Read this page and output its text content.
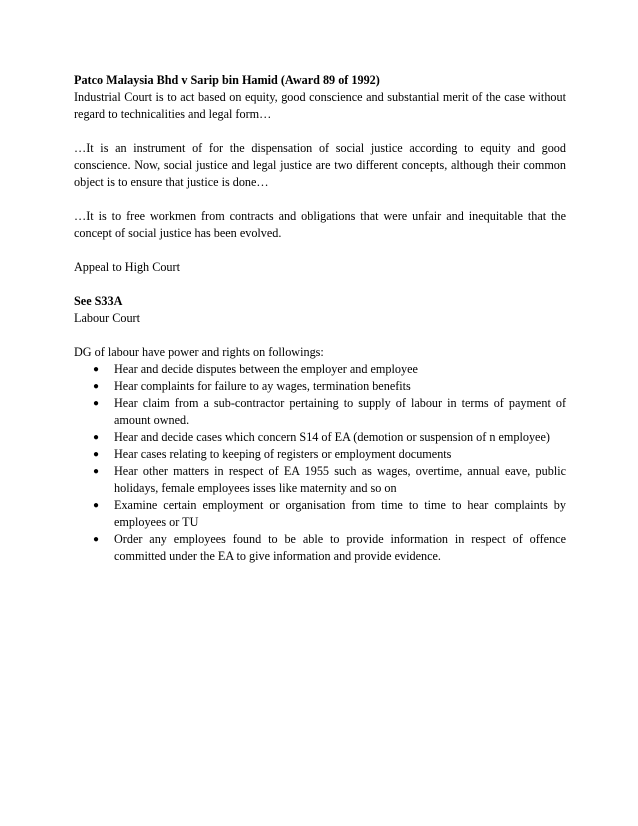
Patco Malaysia Bhd v Sarip bin Hamid (Award 89 of 1992)

Industrial Court is to act based on equity, good conscience and substantial merit of the case without regard to technicalities and legal form…

…It is an instrument of for the dispensation of social justice according to equity and good conscience. Now, social justice and legal justice are two different concepts, although their common object is to ensure that justice is done…

…It is to free workmen from contracts and obligations that were unfair and inequitable that the concept of social justice has been evolved.

Appeal to High Court

See S33A

Labour Court

DG of labour have power and rights on followings:

● Hear and decide disputes between the employer and employee
● Hear complaints for failure to ay wages, termination benefits
● Hear claim from a sub-contractor pertaining to supply of labour in terms of payment of amount owned.
● Hear and decide cases which concern S14 of EA (demotion or suspension of n employee)
● Hear cases relating to keeping of registers or employment documents
● Hear other matters in respect of EA 1955 such as wages, overtime, annual eave, public holidays, female employees isses like maternity and so on
● Examine certain employment or organisation from time to time to hear complaints by employees or TU
● Order any employees found to be able to provide information in respect of offence committed under the EA to give information and provide evidence.
